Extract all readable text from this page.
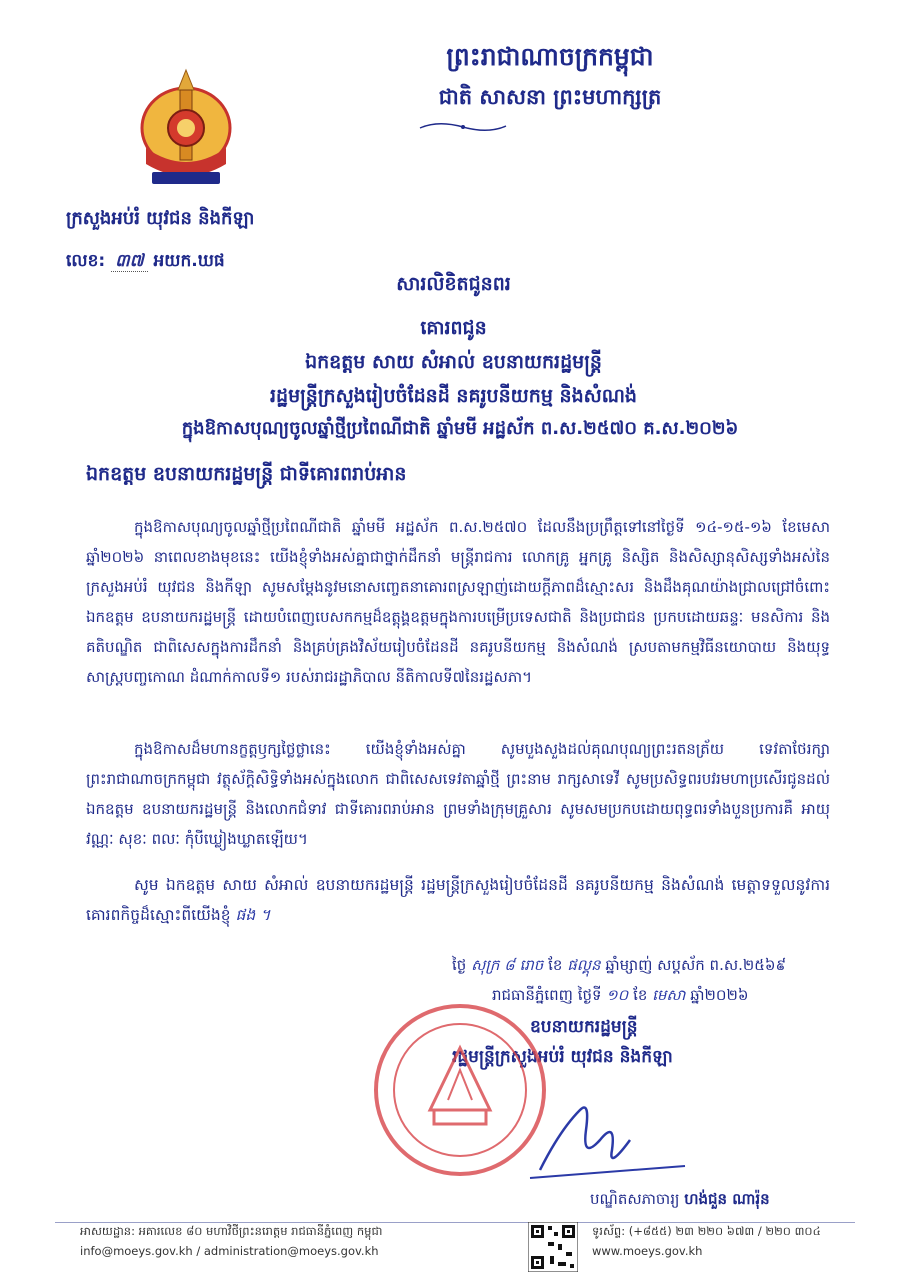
ព្រះរាជាណាចក្រកម្ពុជា
ជាតិ សាសនា ព្រះមហាក្សត្រ
ក្រសួងអប់រំ យុវជន និងកីឡា
លេខ: ៣៧ អយក.ឃផ
សារលិខិតជូនពរ
គោរពជូន
ឯកឧត្តម សាយ សំអាល់ ឧបនាយករដ្ឋមន្ត្រី
រដ្ឋមន្ត្រីក្រសួងរៀបចំដែនដី នគរូបនីយកម្ម និងសំណង់
ក្នុងឱកាសបុណ្យចូលឆ្នាំថ្មីប្រពៃណីជាតិ ឆ្នាំមមី អដ្ឋស័ក ព.ស.២៥៧០ គ.ស.២០២៦
ឯកឧត្តម ឧបនាយករដ្ឋមន្ត្រី ជាទីគោរពរាប់អាន
ក្នុងឱកាសបុណ្យចូលឆ្នាំថ្មីប្រពៃណីជាតិ ឆ្នាំមមី អដ្ឋស័ក ព.ស.២៥៧០ ដែលនឹងប្រព្រឹត្តទៅនៅថ្ងៃទី ១៤-១៥-១៦ ខែមេសា ឆ្នាំ២០២៦ នាពេលខាងមុខនេះ យើងខ្ញុំទាំងអស់គ្នាជាថ្នាក់ដឹកនាំ មន្ត្រីរាជការ លោកគ្រូ អ្នកគ្រូ និស្សិត និងសិស្សានុសិស្សទាំងអស់នៃក្រសួងអប់រំ យុវជន និងកីឡា សូមសម្តែងនូវមនោសញ្ចេតនាគោរពស្រឡាញ់ដោយក្តីភាពដ៏ស្មោះសរ និងដឹងគុណយ៉ាងជ្រាលជ្រៅចំពោះ ឯកឧត្តម ឧបនាយករដ្ឋមន្ត្រី ដោយបំពេញបេសកកម្មដ៏ឧត្តុង្គឧត្តមក្នុងការបម្រើប្រទេសជាតិ និងប្រជាជន ប្រកបដោយឆន្ទៈ មនសិការ និងគតិបណ្ឌិត ជាពិសេសក្នុងការដឹកនាំ និងគ្រប់គ្រងវិស័យរៀបចំដែនដី នគរូបនីយកម្ម និងសំណង់ ស្របតាមកម្មវិធីនយោបាយ និងយុទ្ធសាស្ត្របញ្ចកោណ ដំណាក់កាលទី១ របស់រាជរដ្ឋាភិបាល នីតិកាលទី៧នៃរដ្ឋសភា។
ក្នុងឱកាសដ៏មហានក្ខត្តឫក្សថ្លៃថ្លានេះ យើងខ្ញុំទាំងអស់គ្នា សូមបួងសួងដល់គុណបុណ្យព្រះរតនត្រ័យ ទេវតាថែរក្សាព្រះរាជាណាចក្រកម្ពុជា វត្ថុស័ក្តិសិទ្ធិទាំងអស់ក្នុងលោក ជាពិសេសទេវតាឆ្នាំថ្មី ព្រះនាម រាក្សសាទេវី សូមប្រសិទ្ធពរបវរមហាប្រសើរជូនដល់ ឯកឧត្តម ឧបនាយករដ្ឋមន្ត្រី និងលោកជំទាវ ជាទីគោរពរាប់អាន ព្រមទាំងក្រុមគ្រួសារ សូមសមប្រកបដោយពុទ្ធពរទាំងបួនប្រការគឺ អាយុ វណ្ណៈ សុខៈ ពលៈ កុំបីឃ្លៀងឃ្លាតឡើយ។
សូម ឯកឧត្តម សាយ សំអាល់ ឧបនាយករដ្ឋមន្ត្រី រដ្ឋមន្ត្រីក្រសួងរៀបចំដែនដី នគរូបនីយកម្ម និងសំណង់ មេត្តាទទួលនូវការគោរពកិច្ចដ៏ស្មោះពីយើងខ្ញុំ ផង ។
ថ្ងៃ សុក្រ ៨ រោច ខែ ផល្គុន ឆ្នាំម្សាញ់ សប្តស័ក ព.ស.២៥៦៩
រាជធានីភ្នំពេញ ថ្ងៃទី ១០ ខែ មេសា ឆ្នាំ២០២៦
ឧបនាយករដ្ឋមន្ត្រី
រដ្ឋមន្ត្រីក្រសួងអប់រំ យុវជន និងកីឡា
បណ្ឌិតសភាចារ្យ ហង់ជួន ណារ៉ុន
អាសយដ្ឋាន: អគារលេខ ៨០ មហាវិថីព្រះនរោត្តម រាជធានីភ្នំពេញ កម្ពុជា
info@moeys.gov.kh / administration@moeys.gov.kh
ទូរស័ព្ទ: (+៨៥៥) ២៣ ២២០ ៦៧៣ / ២២០ ៣០៤
www.moeys.gov.kh
